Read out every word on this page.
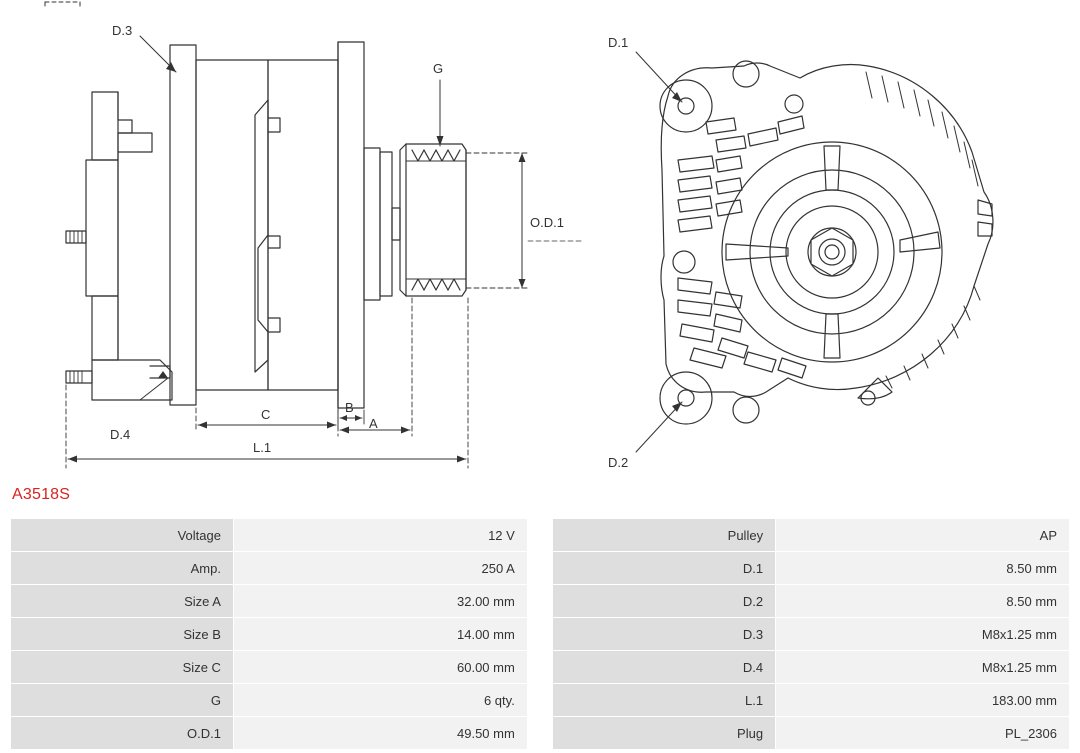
D.3
G
O.D.1
D.4
C	B
A
L.1
D.1
D.2
A3518S
Voltage	12 V		Pulley	AP
Amp.	250 A		D.1	8.50 mm
Size A	32.00 mm		D.2	8.50 mm
Size B	14.00 mm		D.3	M8x1.25 mm
Size C	60.00 mm		D.4	M8x1.25 mm
G	6 qty.		L.1	183.00 mm
O.D.1	49.50 mm		Plug	PL_2306
